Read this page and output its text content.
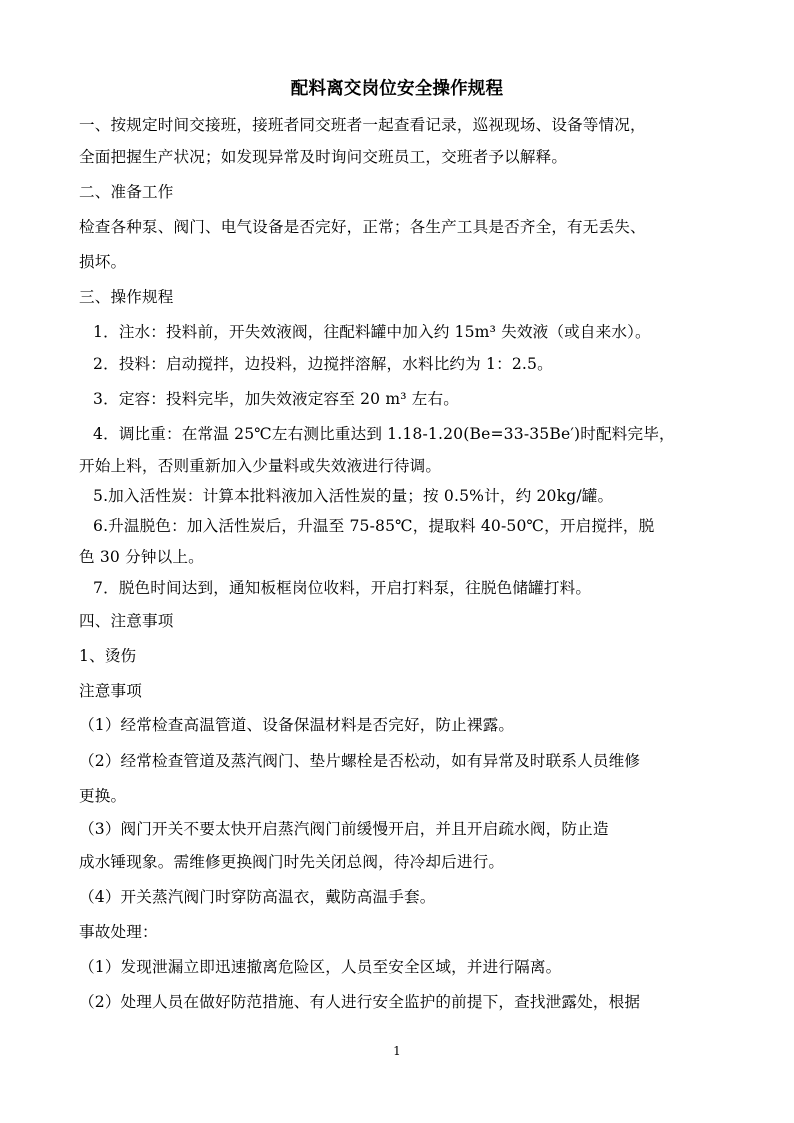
配料离交岗位安全操作规程
一、按规定时间交接班，接班者同交班者一起查看记录，巡视现场、设备等情况，
全面把握生产状况；如发现异常及时询问交班员工，交班者予以解释。
二、准备工作
检查各种泵、阀门、电气设备是否完好，正常；各生产工具是否齐全，有无丢失、
损坏。
三、操作规程
1．注水：投料前，开失效液阀，往配料罐中加入约 15m³ 失效液（或自来水）。
2．投料：启动搅拌，边投料，边搅拌溶解，水料比约为 1：2.5。
3．定容：投料完毕，加失效液定容至 20 m³ 左右。
4．调比重：在常温 25℃左右测比重达到 1.18-1.20(Be=33-35Be′)时配料完毕，
开始上料，否则重新加入少量料或失效液进行待调。
5.加入活性炭：计算本批料液加入活性炭的量；按 0.5%计，约 20kg/罐。
6.升温脱色：加入活性炭后，升温至 75-85℃，提取料 40-50℃，开启搅拌，脱
色 30 分钟以上。
7．脱色时间达到，通知板框岗位收料，开启打料泵，往脱色储罐打料。
四、注意事项
1、烫伤
注意事项
（1）经常检查高温管道、设备保温材料是否完好，防止裸露。
（2）经常检查管道及蒸汽阀门、垫片螺栓是否松动，如有异常及时联系人员维修
更换。
（3）阀门开关不要太快开启蒸汽阀门前缓慢开启，并且开启疏水阀，防止造
成水锤现象。需维修更换阀门时先关闭总阀，待冷却后进行。
（4）开关蒸汽阀门时穿防高温衣，戴防高温手套。
事故处理：
（1）发现泄漏立即迅速撤离危险区，人员至安全区域，并进行隔离。
（2）处理人员在做好防范措施、有人进行安全监护的前提下，查找泄露处，根据
1
